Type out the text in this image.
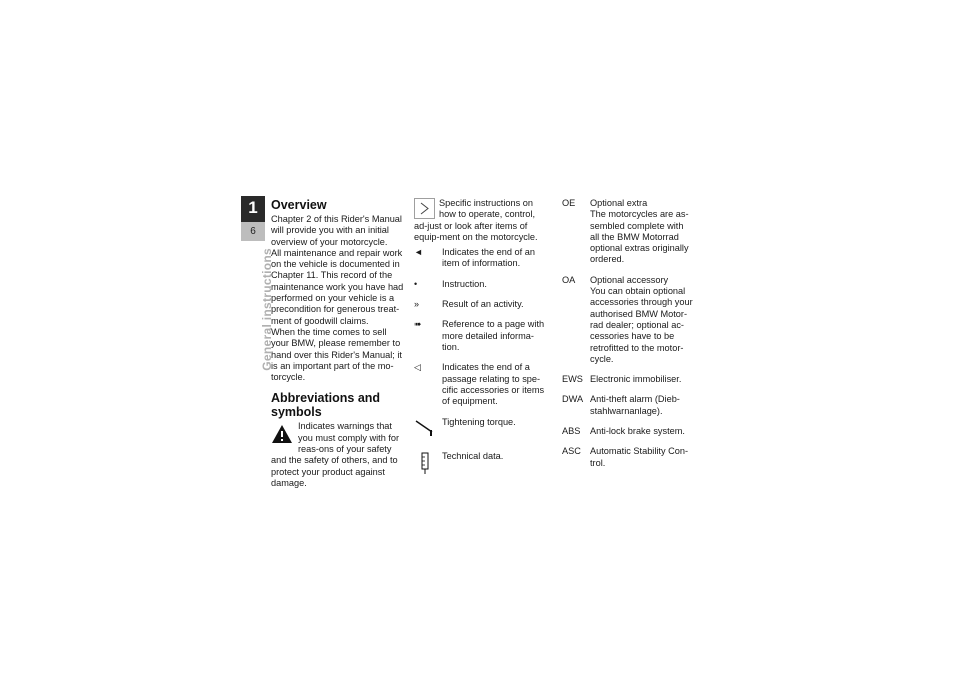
1
6
General instructions
Overview

Chapter 2 of this Rider's Manual will provide you with an initial overview of your motorcycle.

All maintenance and repair work on the vehicle is documented in Chapter 11. This record of the maintenance work you have had performed on your vehicle is a precondition for generous treat-ment of goodwill claims.

When the time comes to sell your BMW, please remember to hand over this Rider's Manual; it is an important part of the mo-torcycle.

Abbreviations and symbols

Indicates warnings that you must comply with for reas-ons of your safety and the safety of others, and to protect your product against damage.

Specific instructions on how to operate, control, ad-just or look after items of equip-ment on the motorcycle.

◄	Indicates the end of an item of information.
•	Instruction.
»	Result of an activity.
➠	Reference to a page with more detailed informa-tion.
◁	Indicates the end of a passage relating to spe-cific accessories or items of equipment.
Tightening torque.
Technical data.
OE	Optional extra
The motorcycles are as-sembled complete with all the BMW Motorrad optional extras originally ordered.
OA	Optional accessory
You can obtain optional accessories through your authorised BMW Motor-rad dealer; optional ac-cessories have to be retrofitted to the motor-cycle.
EWS Electronic immobiliser.
DWA Anti-theft alarm (Dieb-stahlwarnanlage).
ABS	Anti-lock brake system.
ASC Automatic Stability Con-trol.
